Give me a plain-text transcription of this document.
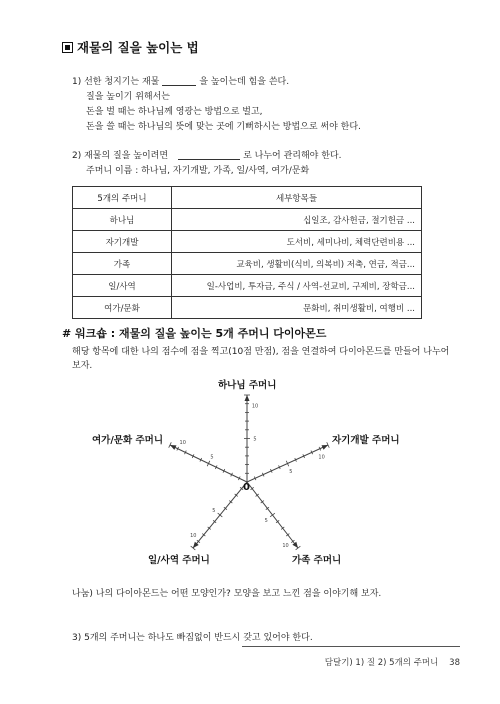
재물의 질을 높이는 법
1) 선한 청지기는 재물	을 높이는데 힘을 쓴다.
질을 높이기 위해서는
돈을 벌 때는 하나님께 영광는 방법으로 벌고,
돈을 쓸 때는 하나님의 뜻에 맞는 곳에 기뻐하시는 방법으로 써야 한다.
2) 재물의 질을 높이려면	로 나누어 관리해야 한다.
주머니 이름 : 하나님, 자기개발, 가족, 일/사역, 여가/문화
5개의 주머니	세부항목들
하나님	십일조, 감사헌금, 절기헌금 ...
자기개발	도서비, 세미나비, 체력단련비용 ...
가족	교육비, 생활비(식비, 의복비) 저축, 연금, 적금...
일/사역	일-사업비, 투자금, 주식 / 사역-선교비, 구제비, 장학금...
여가/문화	문화비, 취미생활비, 여행비 ...
# 워크숍 : 재물의 질을 높이는 5개 주머니 다이아몬드
해당 항목에 대한 나의 점수에 점을 찍고(10점 만점), 점을 연결하여 다이아몬드를 만들어 나누어
보자.
5
10
5
10
5
10
5
10
5
10
0
하나님 주머니
자기개발 주머니
가족 주머니
일/사역 주머니
여가/문화 주머니
나눔) 나의 다이아몬드는 어떤 모양인가? 모양을 보고 느낀 점을 이야기해 보자.
3) 5개의 주머니는 하나도 빠짐없이 반드시 갖고 있어야 한다.
담달기) 1) 질 2) 5개의 주머니 38
